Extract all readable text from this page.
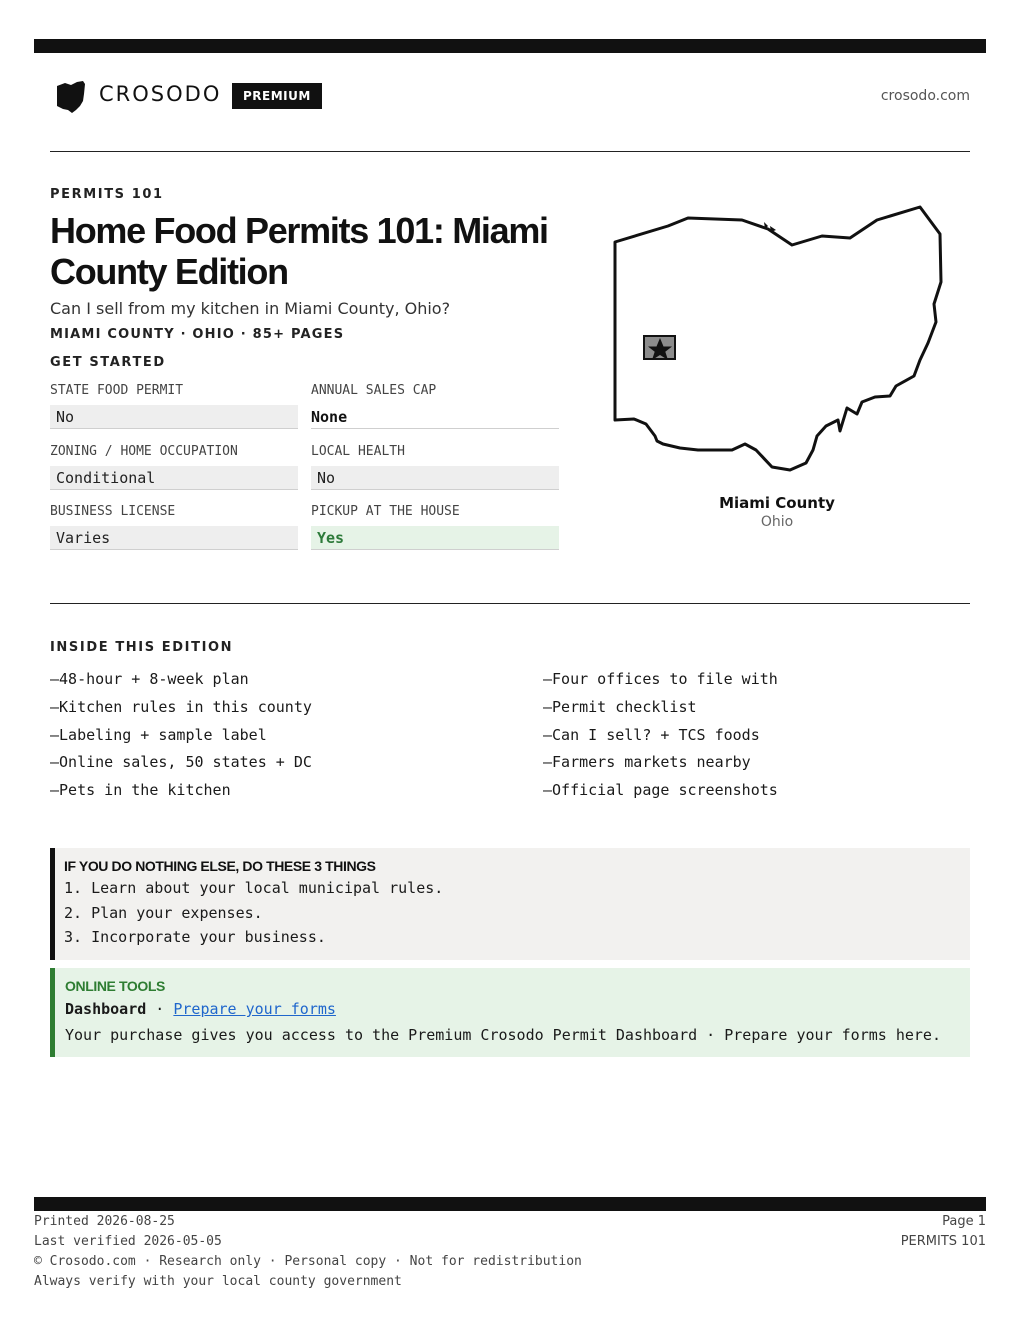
CROSODO	PREMIUM	crosodo.com
PERMITS 101
Home Food Permits 101: Miami County Edition

Can I sell from my kitchen in Miami County, Ohio?

MIAMI COUNTY · OHIO · 85+ PAGES
GET STARTED
STATE FOOD PERMIT
No
ANNUAL SALES CAP
None
ZONING / HOME OCCUPATION
Conditional
LOCAL HEALTH
No
BUSINESS LICENSE
Varies
PICKUP AT THE HOUSE
Yes
Miami County
Ohio
INSIDE THIS EDITION
—48-hour + 8-week plan
—Kitchen rules in this county
—Labeling + sample label
—Online sales, 50 states + DC
—Pets in the kitchen
—Four offices to file with
—Permit checklist
—Can I sell? + TCS foods
—Farmers markets nearby
—Official page screenshots
IF YOU DO NOTHING ELSE, DO THESE 3 THINGS
1. Learn about your local municipal rules.
2. Plan your expenses.
3. Incorporate your business.
ONLINE TOOLS
Dashboard · Prepare your forms
Your purchase gives you access to the Premium Crosodo Permit Dashboard · Prepare your forms here.
Printed 2026-08-25
Last verified 2026-05-05
© Crosodo.com · Research only · Personal copy · Not for redistribution
Always verify with your local county government
Page 1
PERMITS 101
